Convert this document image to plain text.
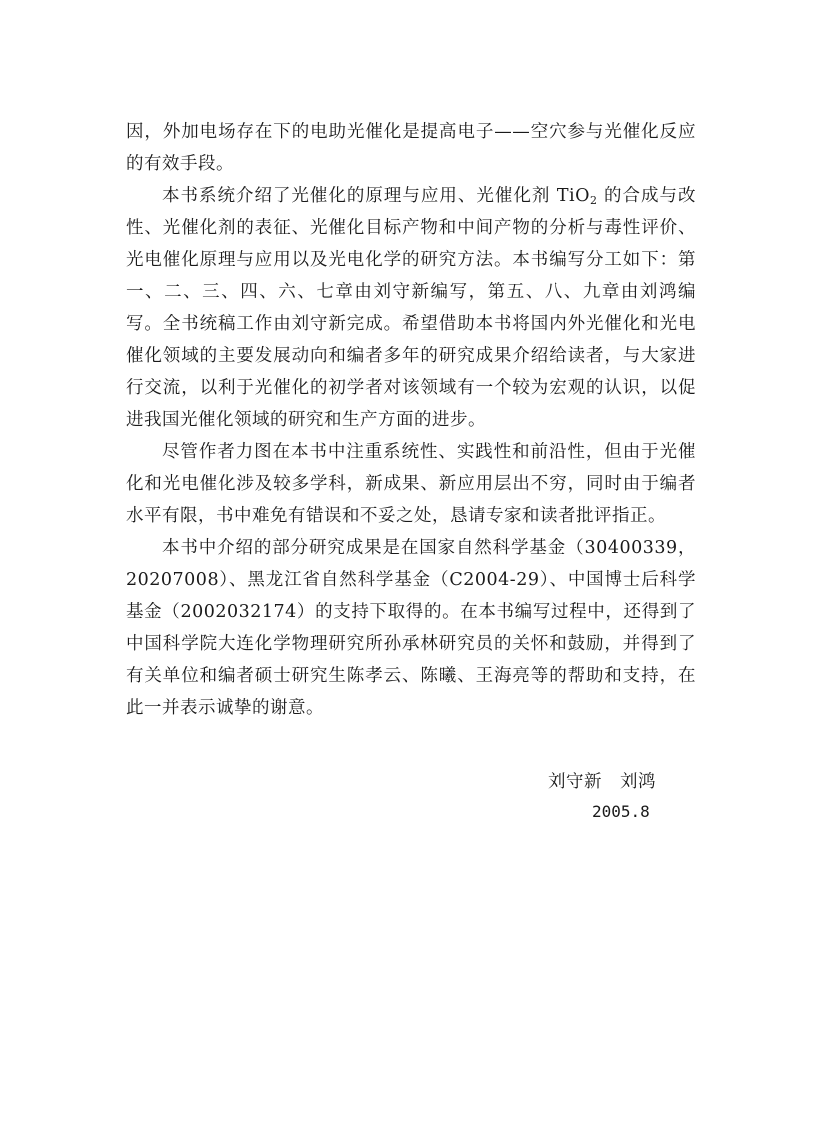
因，外加电场存在下的电助光催化是提高电子——空穴参与光催化反应的有效手段。

本书系统介绍了光催化的原理与应用、光催化剂 TiO$_2$ 的合成与改性、光催化剂的表征、光催化目标产物和中间产物的分析与毒性评价、光电催化原理与应用以及光电化学的研究方法。本书编写分工如下：第一、二、三、四、六、七章由刘守新编写，第五、八、九章由刘鸿编写。全书统稿工作由刘守新完成。希望借助本书将国内外光催化和光电催化领域的主要发展动向和编者多年的研究成果介绍给读者，与大家进行交流，以利于光催化的初学者对该领域有一个较为宏观的认识，以促进我国光催化领域的研究和生产方面的进步。

尽管作者力图在本书中注重系统性、实践性和前沿性，但由于光催化和光电催化涉及较多学科，新成果、新应用层出不穷，同时由于编者水平有限，书中难免有错误和不妥之处，恳请专家和读者批评指正。

本书中介绍的部分研究成果是在国家自然科学基金（30400339，20207008）、黑龙江省自然科学基金（C2004-29）、中国博士后科学基金（2002032174）的支持下取得的。在本书编写过程中，还得到了中国科学院大连化学物理研究所孙承林研究员的关怀和鼓励，并得到了有关单位和编者硕士研究生陈孝云、陈曦、王海亮等的帮助和支持，在此一并表示诚挚的谢意。

刘守新 刘鸿
2005.8
